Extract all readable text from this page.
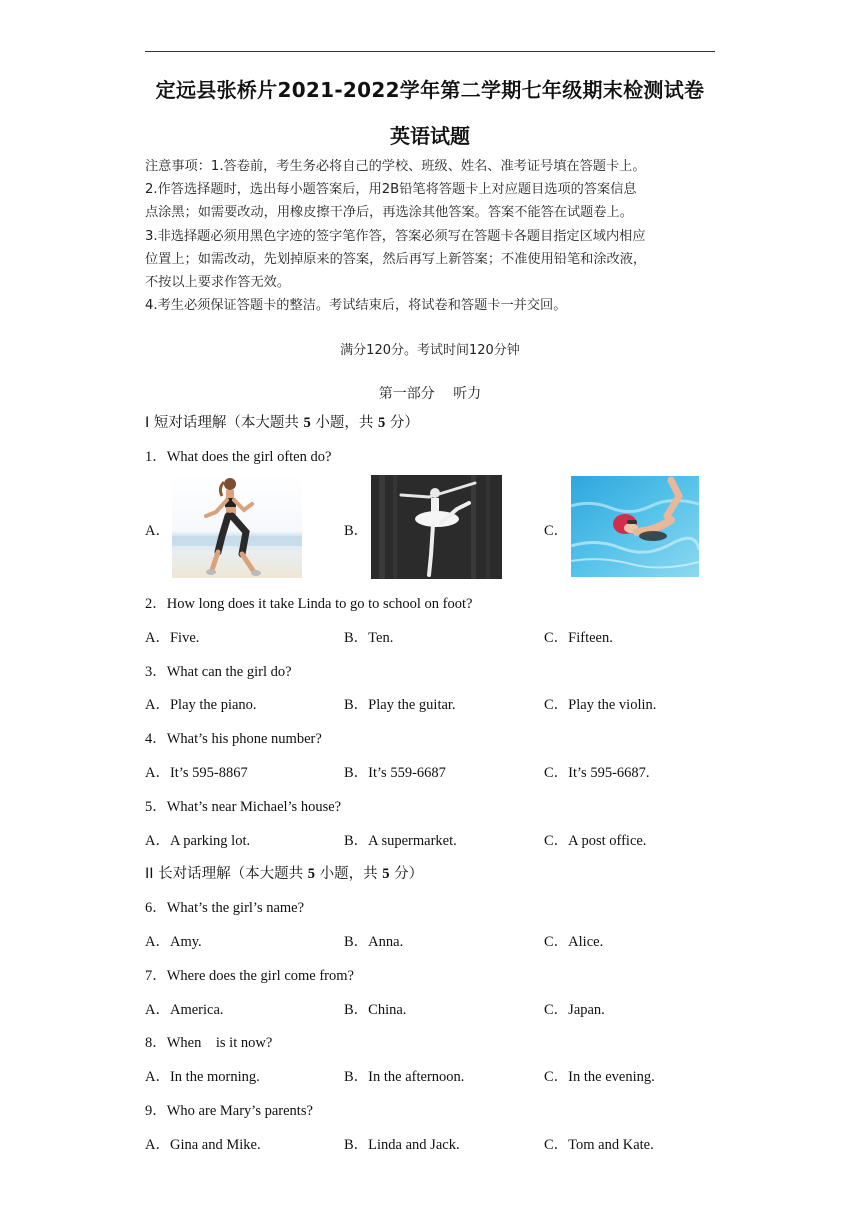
定远县张桥片2021-2022学年第二学期七年级期末检测试卷
英语试题

注意事项：1.答卷前，考生务必将自己的学校、班级、姓名、准考证号填在答题卡上。

2.作答选择题时，选出每小题答案后，用2B铅笔将答题卡上对应题目选项的答案信息

点涂黑；如需要改动，用橡皮擦干净后，再选涂其他答案。答案不能答在试题卷上。

3.非选择题必须用黑色字迹的签字笔作答，答案必须写在答题卡各题目指定区域内相应

位置上；如需改动，先划掉原来的答案，然后再写上新答案；不准使用铅笔和涂改液，

不按以上要求作答无效。

4.考生必须保证答题卡的整洁。考试结束后，将试卷和答题卡一并交回。

满分120分。考试时间120分钟
第一部分　 听力
I 短对话理解（本大题共 5 小题，共 5 分）
1．What does the girl often do?
A．	B．	C．
2．How long does it take Linda to go to school on foot?
A．Five.	B．Ten.	C．Fifteen.
3．What can the girl do?
A．Play the piano.	B．Play the guitar.	C．Play the violin.
4．What’s his phone number?
A．It’s 595-8867	B．It’s 559-6687	C．It’s 595-6687.
5．What’s near Michael’s house?
A．A parking lot.	B．A supermarket.	C．A post office.
II 长对话理解（本大题共 5 小题，共 5 分）
6．What’s the girl’s name?
A．Amy.	B．Anna.	C．Alice.
7．Where does the girl come from?
A．America.	B．China.	C．Japan.
8．When　is it now?
A．In the morning.	B．In the afternoon.	C．In the evening.
9．Who are Mary’s parents?
A．Gina and Mike.	B．Linda and Jack.	C．Tom and Kate.
